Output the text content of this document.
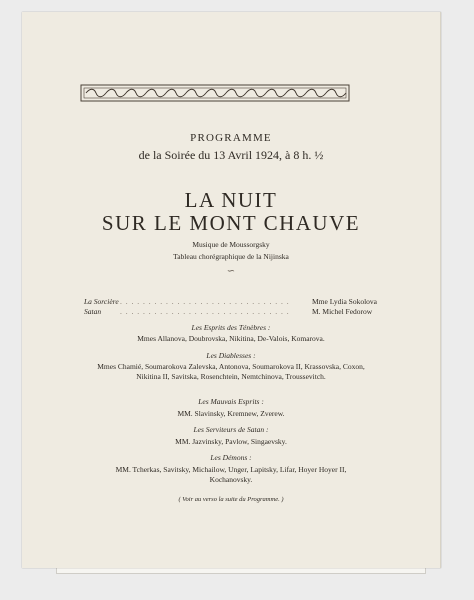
PROGRAMME
de la Soirée du 13 Avril 1924, à 8 h. ½
LA NUIT
SUR LE MONT CHAUVE
Musique de Moussorgsky
Tableau chorégraphique de la Nijinska
∽
La Sorcière . . . . . . . . . . . . . . . . . . . . . . . . . . . . . .	Mme Lydia Sokolova
Satan	. . . . . . . . . . . . . . . . . . . . . . . . . . . . . .	M. Michel Fedorow
Les Esprits des Ténèbres :
Mmes Allanova, Doubrovska, Nikitina, De-Valois, Komarova.
Les Diablesses :
Mmes Chamié, Soumarokova Zalevska, Antonova, Soumarokova II, Krassovska, Coxon, Nikitina II, Savitska, Rosenchtein, Nemtchinova, Troussevitch.
Les Mauvais Esprits :
MM. Slavinsky, Kremnew, Zverew.
Les Serviteurs de Satan :
MM. Jazvinsky, Pavlow, Singaevsky.
Les Démons :
MM. Tcherkas, Savitsky, Michailow, Unger, Lapitsky, Lifar, Hoyer Hoyer II, Kochanovsky.
( Voir au verso la suite du Programme. )
